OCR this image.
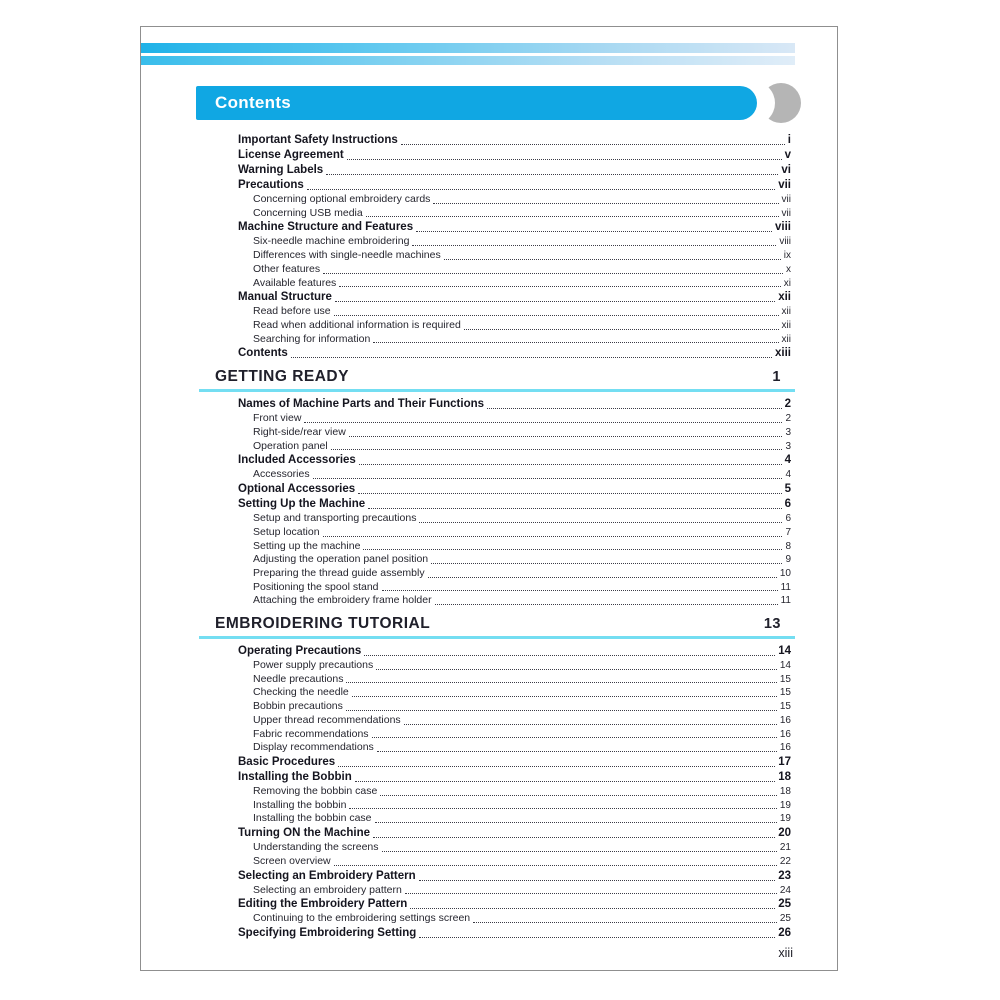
Contents
Important Safety Instructions	i
License Agreement	v
Warning Labels	vi
Precautions	vii
Concerning optional embroidery cards	vii
Concerning USB media	vii
Machine Structure and Features	viii
Six-needle machine embroidering	viii
Differences with single-needle machines	ix
Other features	x
Available features	xi
Manual Structure	xii
Read before use	xii
Read when additional information is required	xii
Searching for information	xii
Contents	xiii
GETTING READY	1
Names of Machine Parts and Their Functions	2
Front view	2
Right-side/rear view	3
Operation panel	3
Included Accessories	4
Accessories	4
Optional Accessories	5
Setting Up the Machine	6
Setup and transporting precautions	6
Setup location	7
Setting up the machine	8
Adjusting the operation panel position	9
Preparing the thread guide assembly	10
Positioning the spool stand	11
Attaching the embroidery frame holder	11
EMBROIDERING TUTORIAL	13
Operating Precautions	14
Power supply precautions	14
Needle precautions	15
Checking the needle	15
Bobbin precautions	15
Upper thread recommendations	16
Fabric recommendations	16
Display recommendations	16
Basic Procedures	17
Installing the Bobbin	18
Removing the bobbin case	18
Installing the bobbin	19
Installing the bobbin case	19
Turning ON the Machine	20
Understanding the screens	21
Screen overview	22
Selecting an Embroidery Pattern	23
Selecting an embroidery pattern	24
Editing the Embroidery Pattern	25
Continuing to the embroidering settings screen	25
Specifying Embroidering Setting	26
xiii
